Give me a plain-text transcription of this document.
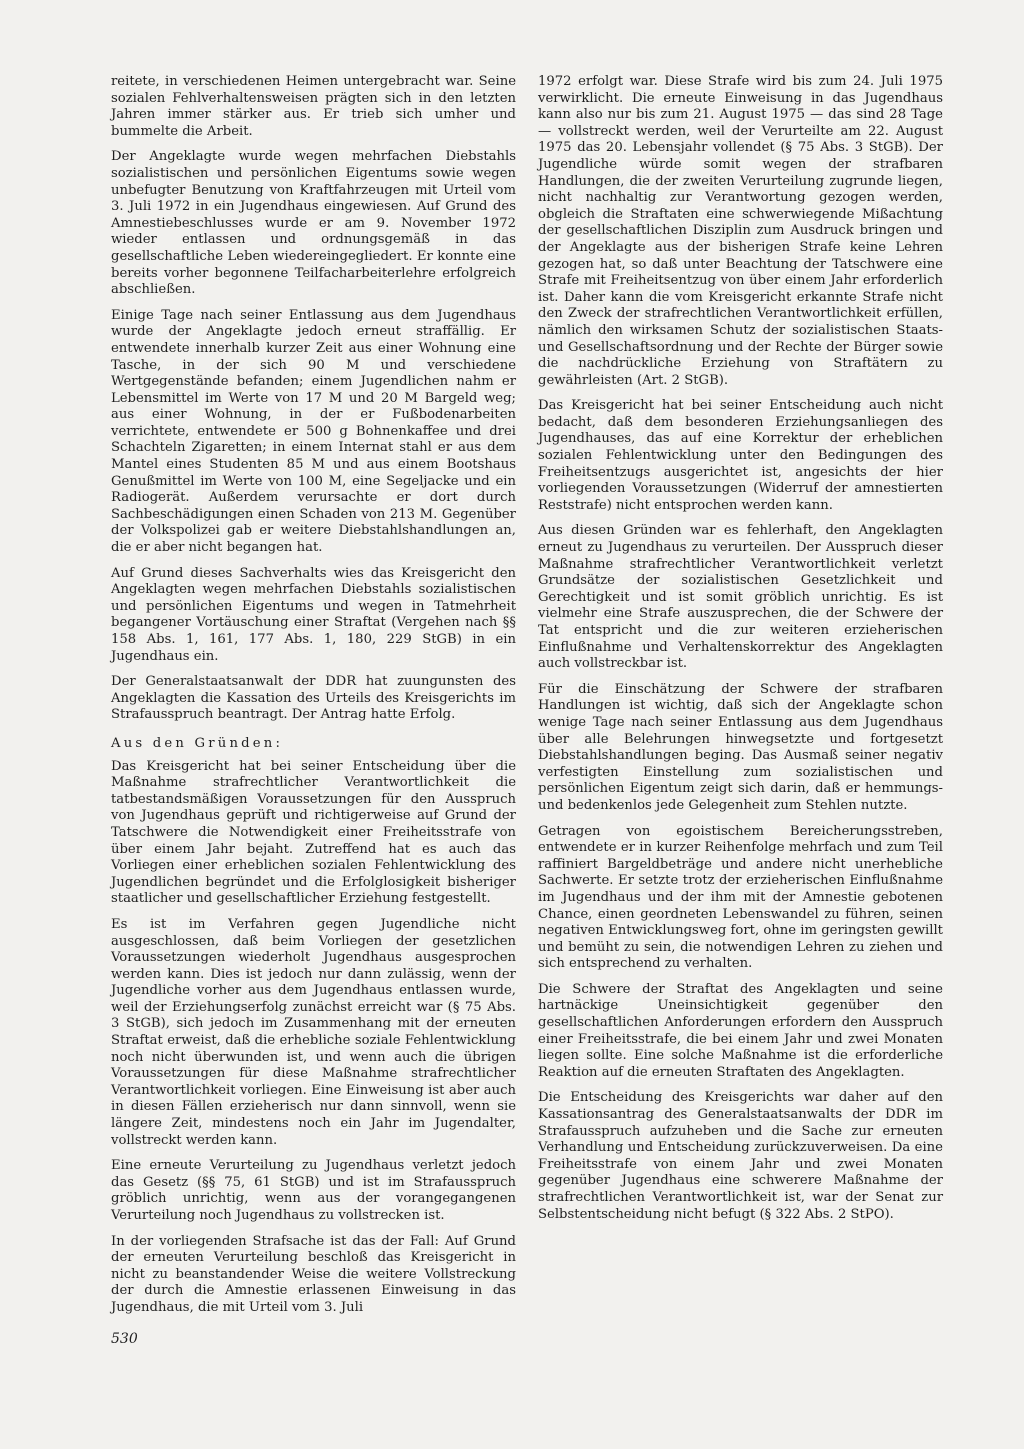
reitete, in verschiedenen Heimen untergebracht war. Seine sozialen Fehlverhaltensweisen prägten sich in den letzten Jahren immer stärker aus. Er trieb sich umher und bummelte die Arbeit.

Der Angeklagte wurde wegen mehrfachen Diebstahls sozialistischen und persönlichen Eigentums sowie wegen unbefugter Benutzung von Kraftfahrzeugen mit Urteil vom 3. Juli 1972 in ein Jugendhaus eingewiesen. Auf Grund des Amnestiebeschlusses wurde er am 9. November 1972 wieder entlassen und ordnungsgemäß in das gesellschaftliche Leben wiedereingegliedert. Er konnte eine bereits vorher begonnene Teilfacharbeiterlehre erfolgreich abschließen.

Einige Tage nach seiner Entlassung aus dem Jugendhaus wurde der Angeklagte jedoch erneut straffällig. Er entwendete innerhalb kurzer Zeit aus einer Wohnung eine Tasche, in der sich 90 M und verschiedene Wertgegenstände befanden; einem Jugendlichen nahm er Lebensmittel im Werte von 17 M und 20 M Bargeld weg; aus einer Wohnung, in der er Fußbodenarbeiten verrichtete, entwendete er 500 g Bohnenkaffee und drei Schachteln Zigaretten; in einem Internat stahl er aus dem Mantel eines Studenten 85 M und aus einem Bootshaus Genußmittel im Werte von 100 M, eine Segeljacke und ein Radiogerät. Außerdem verursachte er dort durch Sachbeschädigungen einen Schaden von 213 M. Gegenüber der Volkspolizei gab er weitere Diebstahlshandlungen an, die er aber nicht begangen hat.

Auf Grund dieses Sachverhalts wies das Kreisgericht den Angeklagten wegen mehrfachen Diebstahls sozialistischen und persönlichen Eigentums und wegen in Tatmehrheit begangener Vortäuschung einer Straftat (Vergehen nach §§ 158 Abs. 1, 161, 177 Abs. 1, 180, 229 StGB) in ein Jugendhaus ein.

Der Generalstaatsanwalt der DDR hat zuungunsten des Angeklagten die Kassation des Urteils des Kreisgerichts im Strafausspruch beantragt. Der Antrag hatte Erfolg.

Aus den Gründen:

Das Kreisgericht hat bei seiner Entscheidung über die Maßnahme strafrechtlicher Verantwortlichkeit die tatbestandsmäßigen Voraussetzungen für den Ausspruch von Jugendhaus geprüft und richtigerweise auf Grund der Tatschwere die Notwendigkeit einer Freiheitsstrafe von über einem Jahr bejaht. Zutreffend hat es auch das Vorliegen einer erheblichen sozialen Fehlentwicklung des Jugendlichen begründet und die Erfolglosigkeit bisheriger staatlicher und gesellschaftlicher Erziehung festgestellt.

Es ist im Verfahren gegen Jugendliche nicht ausgeschlossen, daß beim Vorliegen der gesetzlichen Voraussetzungen wiederholt Jugendhaus ausgesprochen werden kann. Dies ist jedoch nur dann zulässig, wenn der Jugendliche vorher aus dem Jugendhaus entlassen wurde, weil der Erziehungserfolg zunächst erreicht war (§ 75 Abs. 3 StGB), sich jedoch im Zusammenhang mit der erneuten Straftat erweist, daß die erhebliche soziale Fehlentwicklung noch nicht überwunden ist, und wenn auch die übrigen Voraussetzungen für diese Maßnahme strafrechtlicher Verantwortlichkeit vorliegen. Eine Einweisung ist aber auch in diesen Fällen erzieherisch nur dann sinnvoll, wenn sie längere Zeit, mindestens noch ein Jahr im Jugendalter, vollstreckt werden kann.

Eine erneute Verurteilung zu Jugendhaus verletzt jedoch das Gesetz (§§ 75, 61 StGB) und ist im Strafausspruch gröblich unrichtig, wenn aus der vorangegangenen Verurteilung noch Jugendhaus zu vollstrecken ist.

In der vorliegenden Strafsache ist das der Fall: Auf Grund der erneuten Verurteilung beschloß das Kreisgericht in nicht zu beanstandender Weise die weitere Vollstreckung der durch die Amnestie erlassenen Einweisung in das Jugendhaus, die mit Urteil vom 3. Juli

1972 erfolgt war. Diese Strafe wird bis zum 24. Juli 1975 verwirklicht. Die erneute Einweisung in das Jugendhaus kann also nur bis zum 21. August 1975 — das sind 28 Tage — vollstreckt werden, weil der Verurteilte am 22. August 1975 das 20. Lebensjahr vollendet (§ 75 Abs. 3 StGB). Der Jugendliche würde somit wegen der strafbaren Handlungen, die der zweiten Verurteilung zugrunde liegen, nicht nachhaltig zur Verantwortung gezogen werden, obgleich die Straftaten eine schwerwiegende Mißachtung der gesellschaftlichen Disziplin zum Ausdruck bringen und der Angeklagte aus der bisherigen Strafe keine Lehren gezogen hat, so daß unter Beachtung der Tatschwere eine Strafe mit Freiheitsentzug von über einem Jahr erforderlich ist. Daher kann die vom Kreisgericht erkannte Strafe nicht den Zweck der strafrechtlichen Verantwortlichkeit erfüllen, nämlich den wirksamen Schutz der sozialistischen Staats- und Gesellschaftsordnung und der Rechte der Bürger sowie die nachdrückliche Erziehung von Straftätern zu gewährleisten (Art. 2 StGB).

Das Kreisgericht hat bei seiner Entscheidung auch nicht bedacht, daß dem besonderen Erziehungsanliegen des Jugendhauses, das auf eine Korrektur der erheblichen sozialen Fehlentwicklung unter den Bedingungen des Freiheitsentzugs ausgerichtet ist, angesichts der hier vorliegenden Voraussetzungen (Widerruf der amnestierten Reststrafe) nicht entsprochen werden kann.

Aus diesen Gründen war es fehlerhaft, den Angeklagten erneut zu Jugendhaus zu verurteilen. Der Ausspruch dieser Maßnahme strafrechtlicher Verantwortlichkeit verletzt Grundsätze der sozialistischen Gesetzlichkeit und Gerechtigkeit und ist somit gröblich unrichtig. Es ist vielmehr eine Strafe auszusprechen, die der Schwere der Tat entspricht und die zur weiteren erzieherischen Einflußnahme und Verhaltenskorrektur des Angeklagten auch vollstreckbar ist.

Für die Einschätzung der Schwere der strafbaren Handlungen ist wichtig, daß sich der Angeklagte schon wenige Tage nach seiner Entlassung aus dem Jugendhaus über alle Belehrungen hinwegsetzte und fortgesetzt Diebstahlshandlungen beging. Das Ausmaß seiner negativ verfestigten Einstellung zum sozialistischen und persönlichen Eigentum zeigt sich darin, daß er hemmungs- und bedenkenlos jede Gelegenheit zum Stehlen nutzte.

Getragen von egoistischem Bereicherungsstreben, entwendete er in kurzer Reihenfolge mehrfach und zum Teil raffiniert Bargeldbeträge und andere nicht unerhebliche Sachwerte. Er setzte trotz der erzieherischen Einflußnahme im Jugendhaus und der ihm mit der Amnestie gebotenen Chance, einen geordneten Lebenswandel zu führen, seinen negativen Entwicklungsweg fort, ohne im geringsten gewillt und bemüht zu sein, die notwendigen Lehren zu ziehen und sich entsprechend zu verhalten.

Die Schwere der Straftat des Angeklagten und seine hartnäckige Uneinsichtigkeit gegenüber den gesellschaftlichen Anforderungen erfordern den Ausspruch einer Freiheitsstrafe, die bei einem Jahr und zwei Monaten liegen sollte. Eine solche Maßnahme ist die erforderliche Reaktion auf die erneuten Straftaten des Angeklagten.

Die Entscheidung des Kreisgerichts war daher auf den Kassationsantrag des Generalstaatsanwalts der DDR im Strafausspruch aufzuheben und die Sache zur erneuten Verhandlung und Entscheidung zurückzuverweisen. Da eine Freiheitsstrafe von einem Jahr und zwei Monaten gegenüber Jugendhaus eine schwerere Maßnahme der strafrechtlichen Verantwortlichkeit ist, war der Senat zur Selbstentscheidung nicht befugt (§ 322 Abs. 2 StPO).

530
